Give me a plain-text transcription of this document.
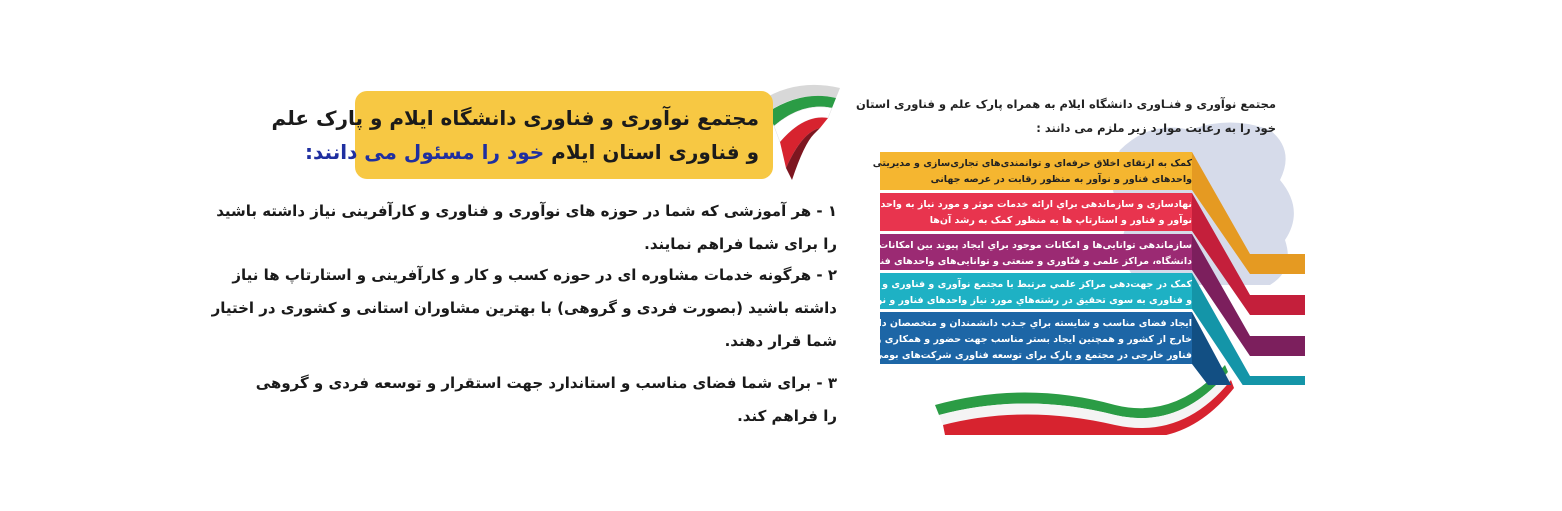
مجتمع نوآوری و فناوری دانشگاه ایلام و پارک علم
و فناوری استان ایلام خود را مسئول می دانند:
۱ - هر آموزشی که شما در حوزه های نوآوری و فناوری و کارآفرینی نیاز داشته باشید
را برای شما فراهم نمایند.
۲ - هرگونه خدمات مشاوره ای در حوزه کسب و کار و کارآفرینی و استارتاپ ها نیاز
داشته باشید (بصورت فردی و گروهی) با بهترین مشاوران استانی و کشوری در اختیار
شما قرار دهند.
۳ - برای شما فضای مناسب و استاندارد جهت استقرار و توسعه فردی و گروهی
را فراهم کند.
مجتمع نوآوری و فنـاوری دانشگاه ایلام به همراه پارک علم و فناوری استان
خود را به رعایت موارد زیر ملزم می دانند :
کمک به ارتقای اخلاق حرفه‌ای و توانمندی‌های تجاری‌سازی و مدیریتی
واحدهای فناور و نوآور به منظور رقابت در عرصه جهانی
نهادسازی و سازماندهی براي ارائه خدمات موثر و مورد نیاز به واحدهاي
نوآور و فناور و استارتاپ ها به منظور کمک به رشد آن‌ها
سازماندهی توانایی‌ها و امکانات موجود براي ایجاد پیوند بین امکانات و منابع
دانشگاه، مراکز علمی و فنّاوری و صنعتی و توانایی‌های واحدهای فناور و نوآور
کمک در جهت‌دهی مراکز علمي مرتبط با مجتمع نوآوری و فناوری و پارک علم
و فناوری به سوی تحقیق در رشته‌هاي مورد نیاز واحدهای فناور و نوآور
ایجاد فضای مناسب و شایسته براي جـذب دانشمندان و متخصصان داخل و
خارج از کشور و همچنین ایجاد بستر مناسب جهت حضور و همکاری واحدهای
فناور خارجی در مجتمع و پارک برای توسعه فناوری شرکت‌های بومی
